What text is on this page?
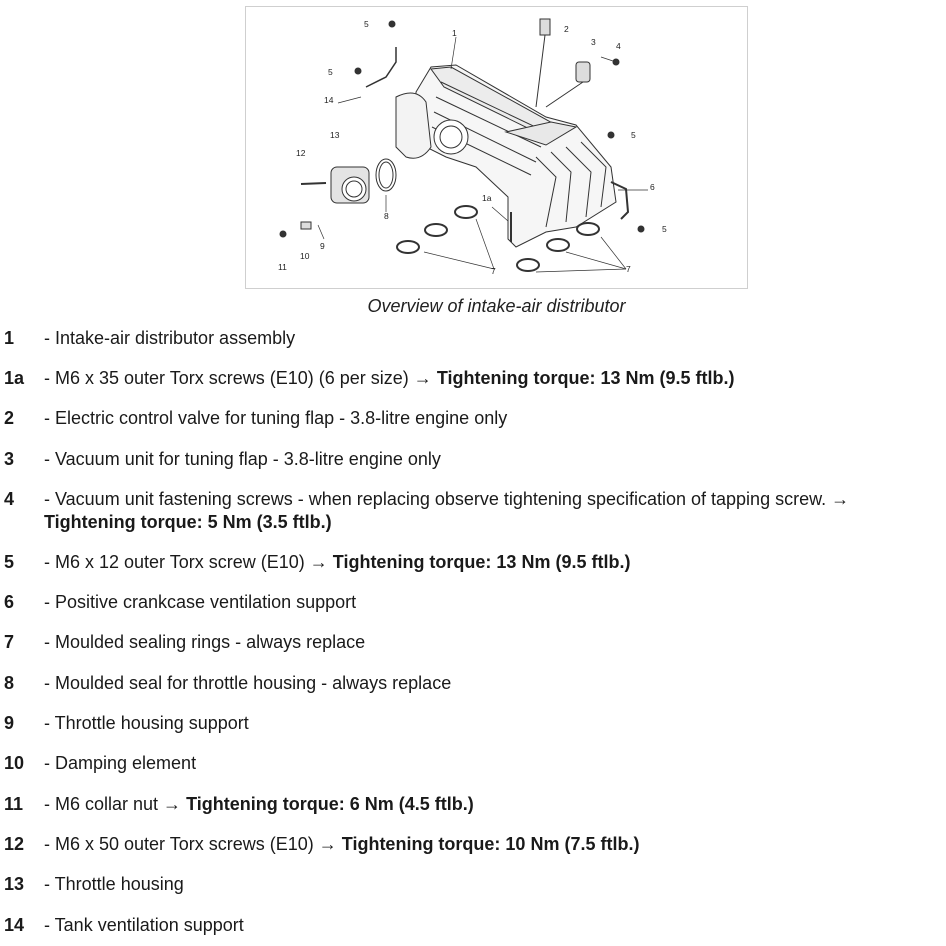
1
1a
2
3 4
5
5
5
5
6
7	7
8
9
10
11
12
13
14
Overview of intake-air distributor
1	- Intake-air distributor assembly
1a	- M6 x 35 outer Torx screws (E10) (6 per size) → Tightening torque: 13 Nm (9.5 ftlb.)
2	- Electric control valve for tuning flap - 3.8-litre engine only
3	- Vacuum unit for tuning flap - 3.8-litre engine only
4	- Vacuum unit fastening screws - when replacing observe tightening specification of tapping screw. → Tightening torque: 5 Nm (3.5 ftlb.)
5	- M6 x 12 outer Torx screw (E10) → Tightening torque: 13 Nm (9.5 ftlb.)
6	- Positive crankcase ventilation support
7	- Moulded sealing rings - always replace
8	- Moulded seal for throttle housing - always replace
9	- Throttle housing support
10	- Damping element
11	- M6 collar nut → Tightening torque: 6 Nm (4.5 ftlb.)
12	- M6 x 50 outer Torx screws (E10) → Tightening torque: 10 Nm (7.5 ftlb.)
13	- Throttle housing
14	- Tank ventilation support
